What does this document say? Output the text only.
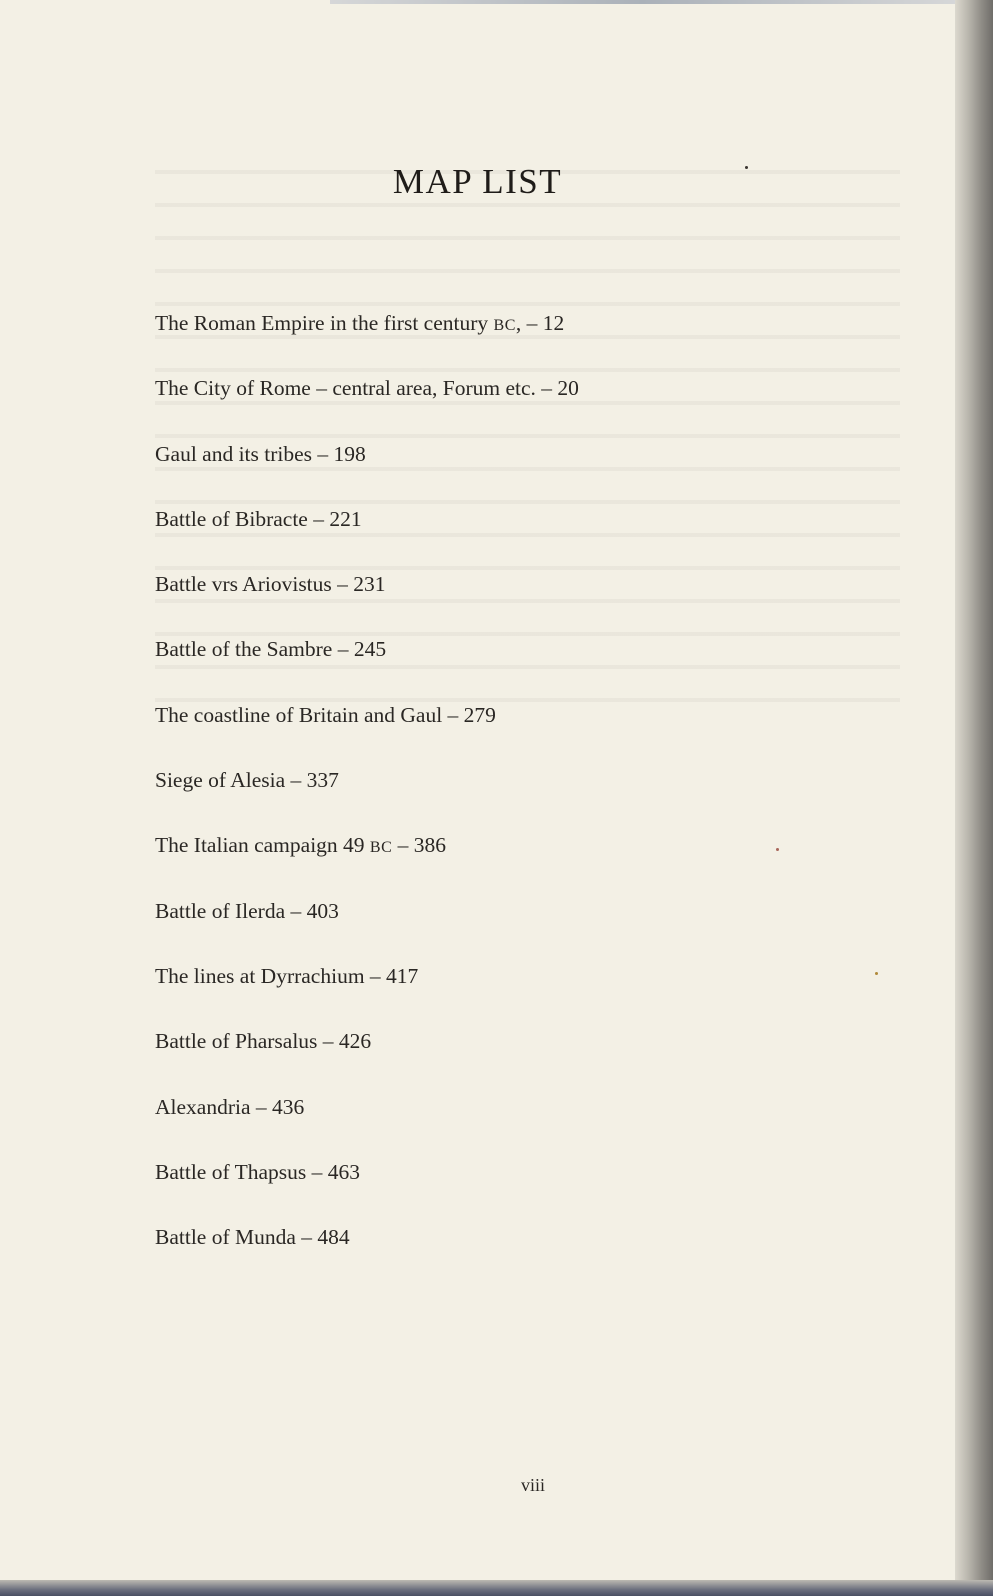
MAP LIST
The Roman Empire in the first century BC, – 12
The City of Rome – central area, Forum etc. – 20
Gaul and its tribes – 198
Battle of Bibracte – 221
Battle vrs Ariovistus – 231
Battle of the Sambre – 245
The coastline of Britain and Gaul – 279
Siege of Alesia – 337
The Italian campaign 49 BC – 386
Battle of Ilerda – 403
The lines at Dyrrachium – 417
Battle of Pharsalus – 426
Alexandria – 436
Battle of Thapsus – 463
Battle of Munda – 484
viii
